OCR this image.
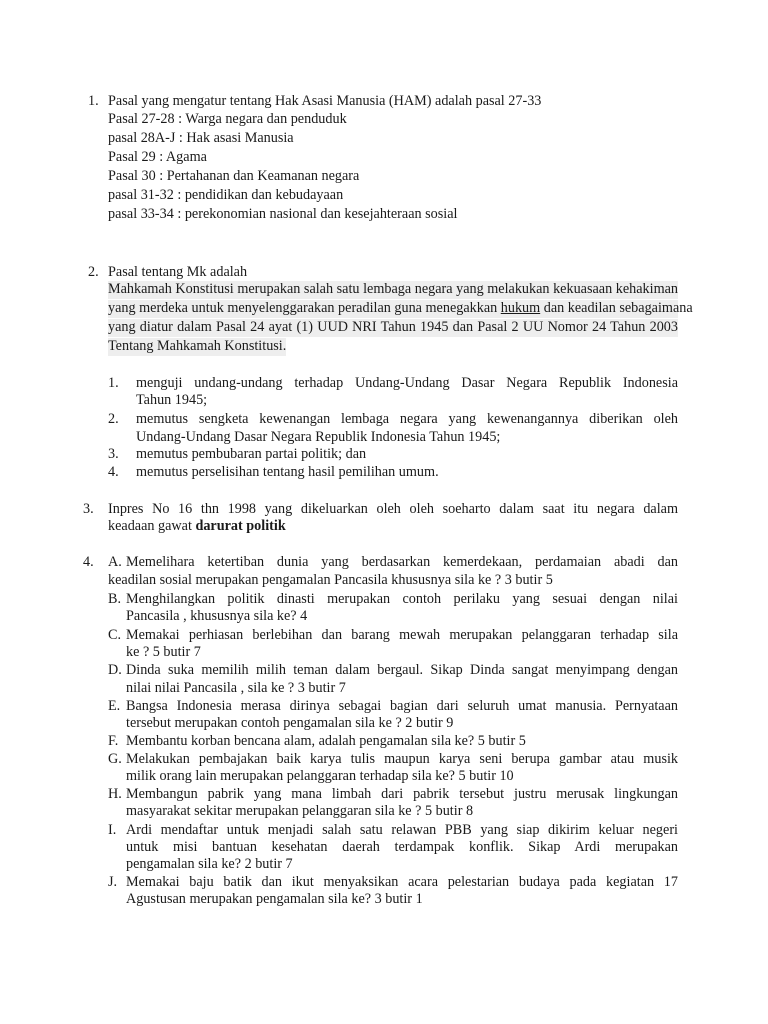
1. Pasal yang mengatur tentang Hak Asasi Manusia (HAM) adalah pasal 27-33
Pasal 27-28 : Warga negara dan penduduk
pasal 28A-J : Hak asasi Manusia
Pasal 29 : Agama
Pasal 30 : Pertahanan dan Keamanan negara
pasal 31-32 : pendidikan dan kebudayaan
pasal 33-34 : perekonomian nasional dan kesejahteraan sosial
2. Pasal tentang Mk adalah
Mahkamah Konstitusi merupakan salah satu lembaga negara yang melakukan kekuasaan kehakiman
yang merdeka untuk menyelenggarakan peradilan guna menegakkan hukum dan keadilan sebagaimana
yang diatur dalam Pasal 24 ayat (1) UUD NRI Tahun 1945 dan Pasal 2 UU Nomor 24 Tahun 2003
Tentang Mahkamah Konstitusi.
1. menguji undang-undang terhadap Undang-Undang Dasar Negara Republik Indonesia
Tahun 1945;
2. memutus sengketa kewenangan lembaga negara yang kewenangannya diberikan oleh
Undang-Undang Dasar Negara Republik Indonesia Tahun 1945;
3. memutus pembubaran partai politik; dan
4. memutus perselisihan tentang hasil pemilihan umum.
3. Inpres No 16 thn 1998 yang dikeluarkan oleh oleh soeharto dalam saat itu negara dalam
keadaan gawat darurat politik
4. A. Memelihara ketertiban dunia yang berdasarkan kemerdekaan, perdamaian abadi dan
keadilan sosial merupakan pengamalan Pancasila khususnya sila ke ? 3 butir 5
B. Menghilangkan politik dinasti merupakan contoh perilaku yang sesuai dengan nilai
Pancasila , khususnya sila ke? 4
C. Memakai perhiasan berlebihan dan barang mewah merupakan pelanggaran terhadap sila
ke ? 5 butir 7
D. Dinda suka memilih milih teman dalam bergaul. Sikap Dinda sangat menyimpang dengan
nilai nilai Pancasila , sila ke ? 3 butir 7
E. Bangsa Indonesia merasa dirinya sebagai bagian dari seluruh umat manusia. Pernyataan
tersebut merupakan contoh pengamalan sila ke ? 2 butir 9
F. Membantu korban bencana alam, adalah pengamalan sila ke? 5 butir 5
G. Melakukan pembajakan baik karya tulis maupun karya seni berupa gambar atau musik
milik orang lain merupakan pelanggaran terhadap sila ke? 5 butir 10
H. Membangun pabrik yang mana limbah dari pabrik tersebut justru merusak lingkungan
masyarakat sekitar merupakan pelanggaran sila ke ? 5 butir 8
I. Ardi mendaftar untuk menjadi salah satu relawan PBB yang siap dikirim keluar negeri
untuk misi bantuan kesehatan daerah terdampak konflik. Sikap Ardi merupakan
pengamalan sila ke? 2 butir 7
J. Memakai baju batik dan ikut menyaksikan acara pelestarian budaya pada kegiatan 17
Agustusan merupakan pengamalan sila ke? 3 butir 1
